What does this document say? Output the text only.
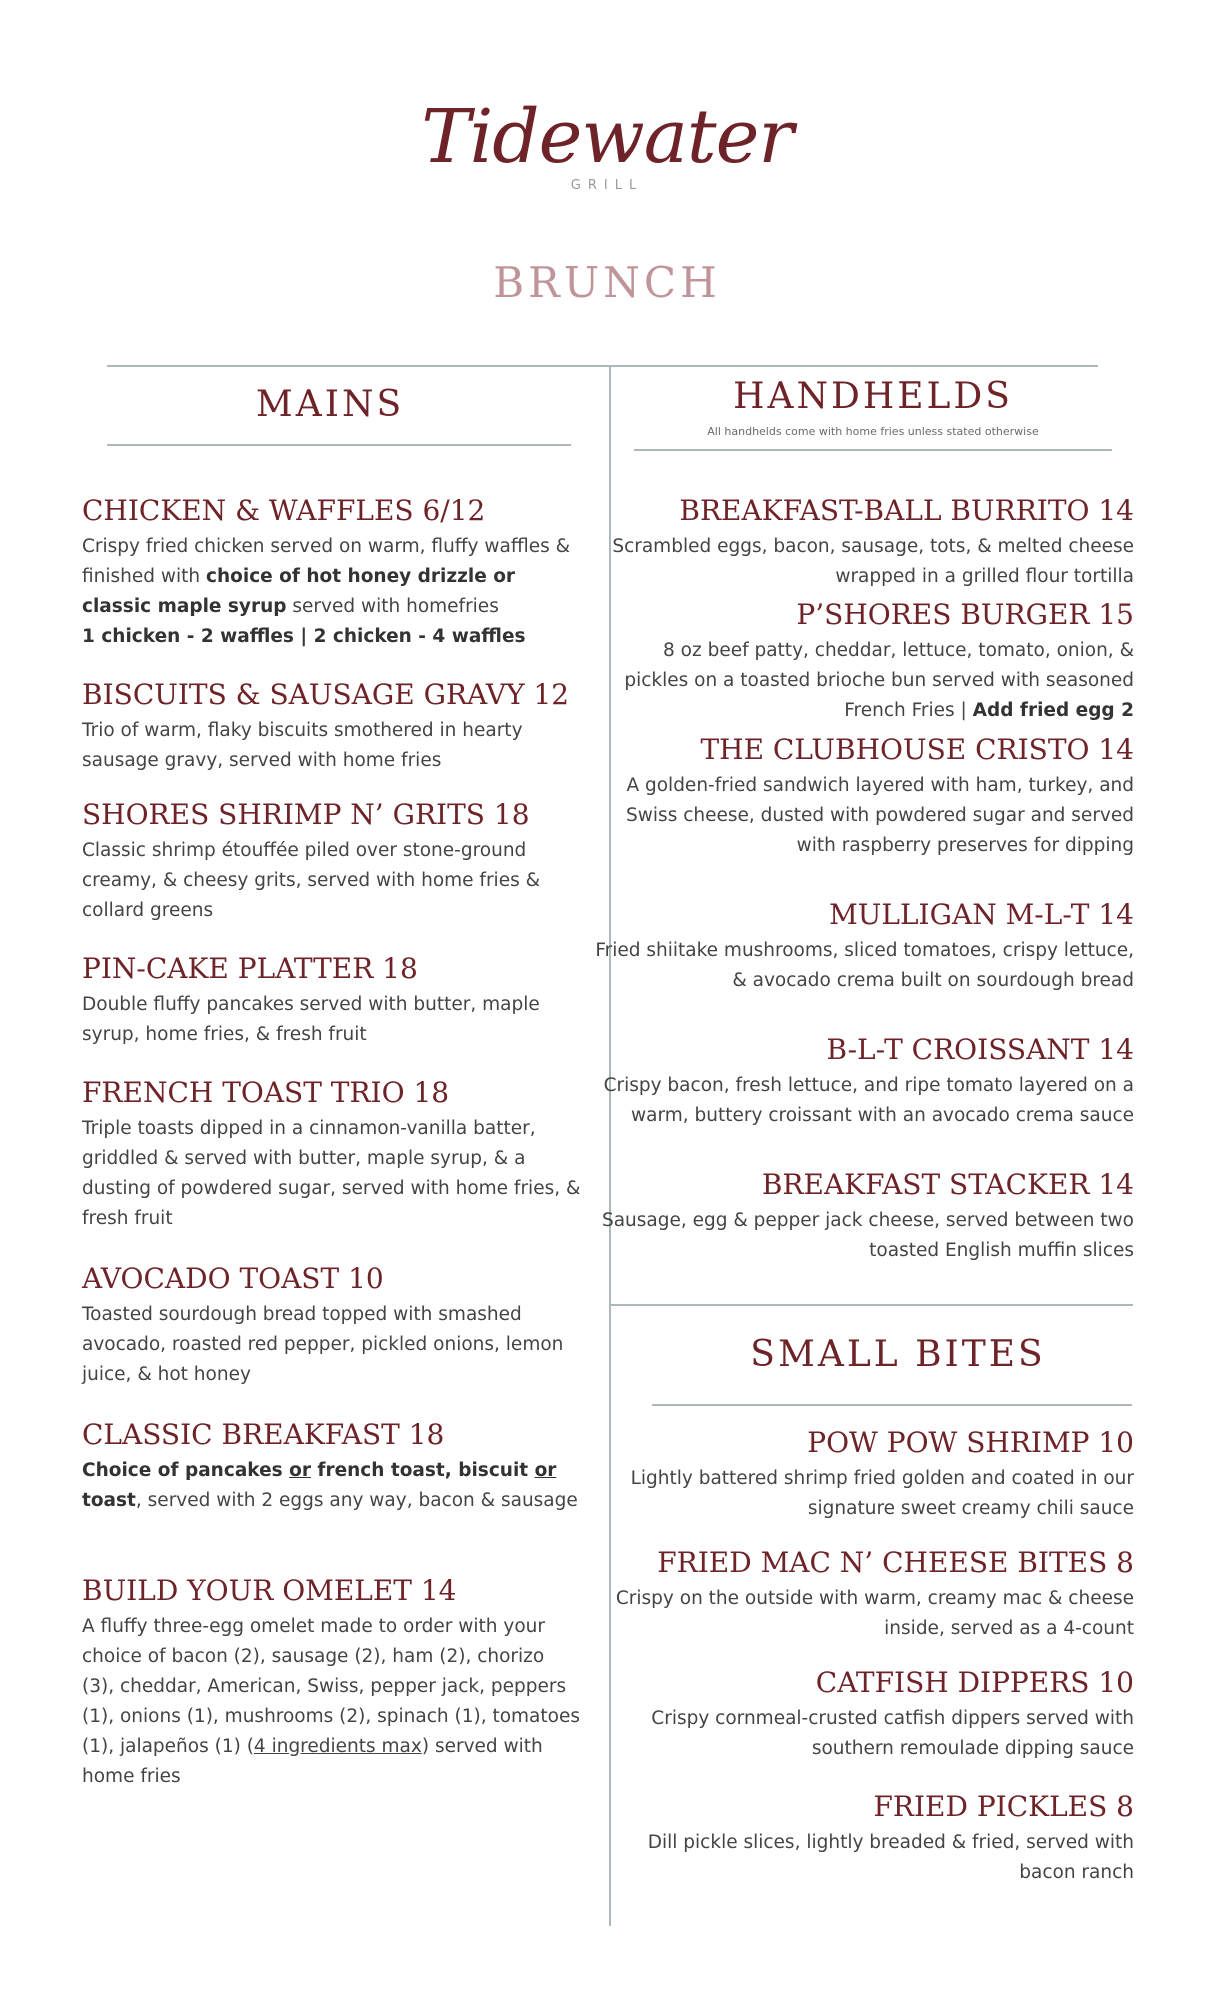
Tidewater
GRILL
BRUNCH
MAINS	HANDHELDS
All handhelds come with home fries unless stated otherwise
SMALL BITES
CHICKEN & WAFFLES 6/12

Crispy fried chicken served on warm, fluffy waffles & finished with choice of hot honey drizzle or classic maple syrup served with homefries
1 chicken - 2 waffles | 2 chicken - 4 waffles

BISCUITS & SAUSAGE GRAVY 12

Trio of warm, flaky biscuits smothered in hearty sausage gravy, served with home fries

SHORES SHRIMP N’ GRITS 18

Classic shrimp étouffée piled over stone-ground creamy, & cheesy grits, served with home fries & collard greens

PIN-CAKE PLATTER 18

Double fluffy pancakes served with butter, maple syrup, home fries, & fresh fruit

FRENCH TOAST TRIO 18

Triple toasts dipped in a cinnamon-vanilla batter, griddled & served with butter, maple syrup, & a dusting of powdered sugar, served with home fries, & fresh fruit

AVOCADO TOAST 10

Toasted sourdough bread topped with smashed avocado, roasted red pepper, pickled onions, lemon juice, & hot honey

CLASSIC BREAKFAST 18

Choice of pancakes or french toast, biscuit or toast, served with 2 eggs any way, bacon & sausage

BUILD YOUR OMELET 14

A fluffy three-egg omelet made to order with your choice of bacon (2), sausage (2), ham (2), chorizo (3), cheddar, American, Swiss, pepper jack, peppers (1), onions (1), mushrooms (2), spinach (1), tomatoes (1), jalapeños (1) (4 ingredients max) served with home fries

BREAKFAST-BALL BURRITO 14

Scrambled eggs, bacon, sausage, tots, & melted cheese wrapped in a grilled flour tortilla

P’SHORES BURGER 15

8 oz beef patty, cheddar, lettuce, tomato, onion, & pickles on a toasted brioche bun served with seasoned French Fries | Add fried egg 2

THE CLUBHOUSE CRISTO 14

A golden-fried sandwich layered with ham, turkey, and Swiss cheese, dusted with powdered sugar and served with raspberry preserves for dipping

MULLIGAN M-L-T 14

Fried shiitake mushrooms, sliced tomatoes, crispy lettuce, & avocado crema built on sourdough bread

B-L-T CROISSANT 14

Crispy bacon, fresh lettuce, and ripe tomato layered on a warm, buttery croissant with an avocado crema sauce

BREAKFAST STACKER 14

Sausage, egg & pepper jack cheese, served between two toasted English muffin slices

POW POW SHRIMP 10

Lightly battered shrimp fried golden and coated in our signature sweet creamy chili sauce

FRIED MAC N’ CHEESE BITES 8

Crispy on the outside with warm, creamy mac & cheese inside, served as a 4-count

CATFISH DIPPERS 10

Crispy cornmeal-crusted catfish dippers served with southern remoulade dipping sauce

FRIED PICKLES 8

Dill pickle slices, lightly breaded & fried, served with bacon ranch
